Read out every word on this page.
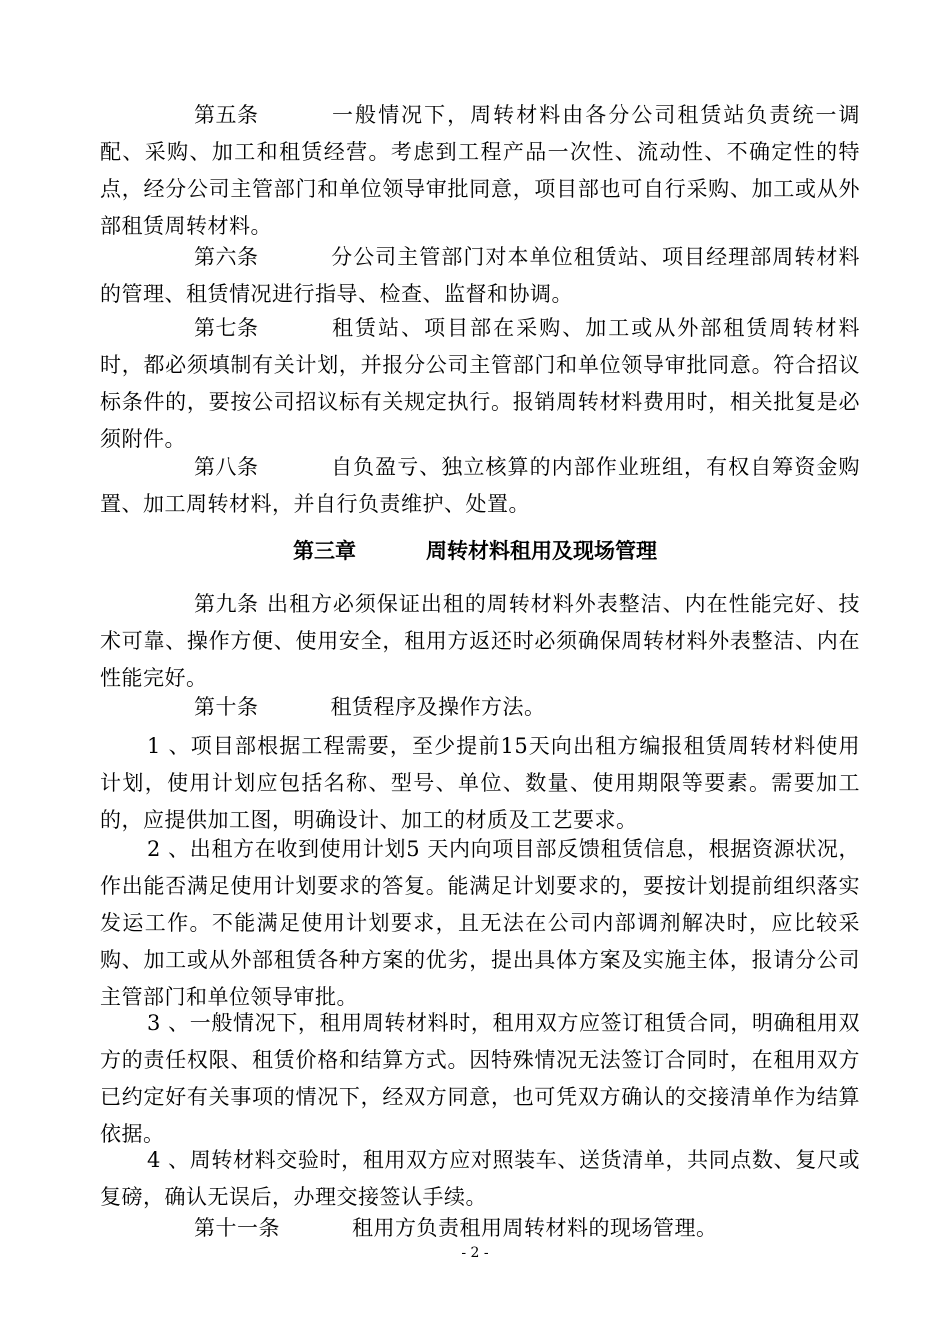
第五条	一般情况下，周转材料由各分公司租赁站负责统一调配、采购、加工和租赁经营。考虑到工程产品一次性、流动性、不确定性的特点，经分公司主管部门和单位领导审批同意，项目部也可自行采购、加工或从外部租赁周转材料。

第六条	分公司主管部门对本单位租赁站、项目经理部周转材料的管理、租赁情况进行指导、检查、监督和协调。

第七条	租赁站、项目部在采购、加工或从外部租赁周转材料时，都必须填制有关计划，并报分公司主管部门和单位领导审批同意。符合招议标条件的，要按公司招议标有关规定执行。报销周转材料费用时，相关批复是必须附件。

第八条	自负盈亏、独立核算的内部作业班组，有权自筹资金购置、加工周转材料，并自行负责维护、处置。

第三章	周转材料租用及现场管理

第九条 出租方必须保证出租的周转材料外表整洁、内在性能完好、技术可靠、操作方便、使用安全，租用方返还时必须确保周转材料外表整洁、内在性能完好。

第十条	租赁程序及操作方法。

1 、项目部根据工程需要，至少提前15天向出租方编报租赁周转材料使用计划，使用计划应包括名称、型号、单位、数量、使用期限等要素。需要加工的，应提供加工图，明确设计、加工的材质及工艺要求。

2 、出租方在收到使用计划5 天内向项目部反馈租赁信息，根据资源状况，作出能否满足使用计划要求的答复。能满足计划要求的，要按计划提前组织落实发运工作。不能满足使用计划要求，且无法在公司内部调剂解决时，应比较采购、加工或从外部租赁各种方案的优劣，提出具体方案及实施主体，报请分公司主管部门和单位领导审批。

3 、一般情况下，租用周转材料时，租用双方应签订租赁合同，明确租用双方的责任权限、租赁价格和结算方式。因特殊情况无法签订合同时，在租用双方已约定好有关事项的情况下，经双方同意，也可凭双方确认的交接清单作为结算依据。

4 、周转材料交验时，租用双方应对照装车、送货清单，共同点数、复尺或复磅，确认无误后，办理交接签认手续。

第十一条	租用方负责租用周转材料的现场管理。

- 2 -
